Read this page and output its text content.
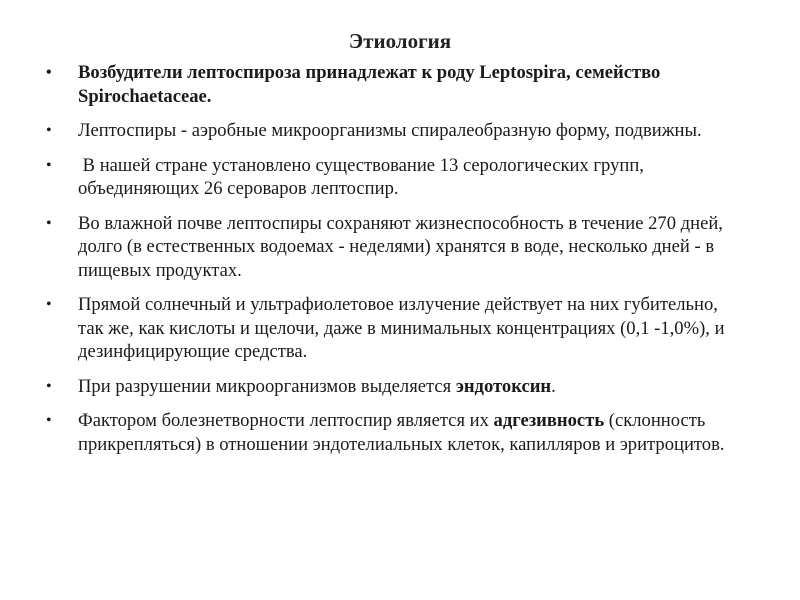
Этиология
• Возбудители лептоспироза принадлежат к роду Leptospira, семейство Spirochaetaceae.
• Лептоспиры - аэробные микроорганизмы спиралеобразную форму, подвижны.
• В нашей стране установлено существование 13 серологических групп, объединяющих 26 сероваров лептоспир.
• Во влажной почве лептоспиры сохраняют жизнеспособность в течение 270 дней, долго (в естественных водоемах - неделями) хранятся в воде, несколько дней - в пищевых продуктах.
• Прямой солнечный и ультрафиолетовое излучение действует на них губительно, так же, как кислоты и щелочи, даже в минимальных концентрациях (0,1 -1,0%), и дезинфицирующие средства.
• При разрушении микроорганизмов выделяется эндотоксин.
• Фактором болезнетворности лептоспир является их адгезивность (склонность прикрепляться) в отношении эндотелиальных клеток, капилляров и эритроцитов.
